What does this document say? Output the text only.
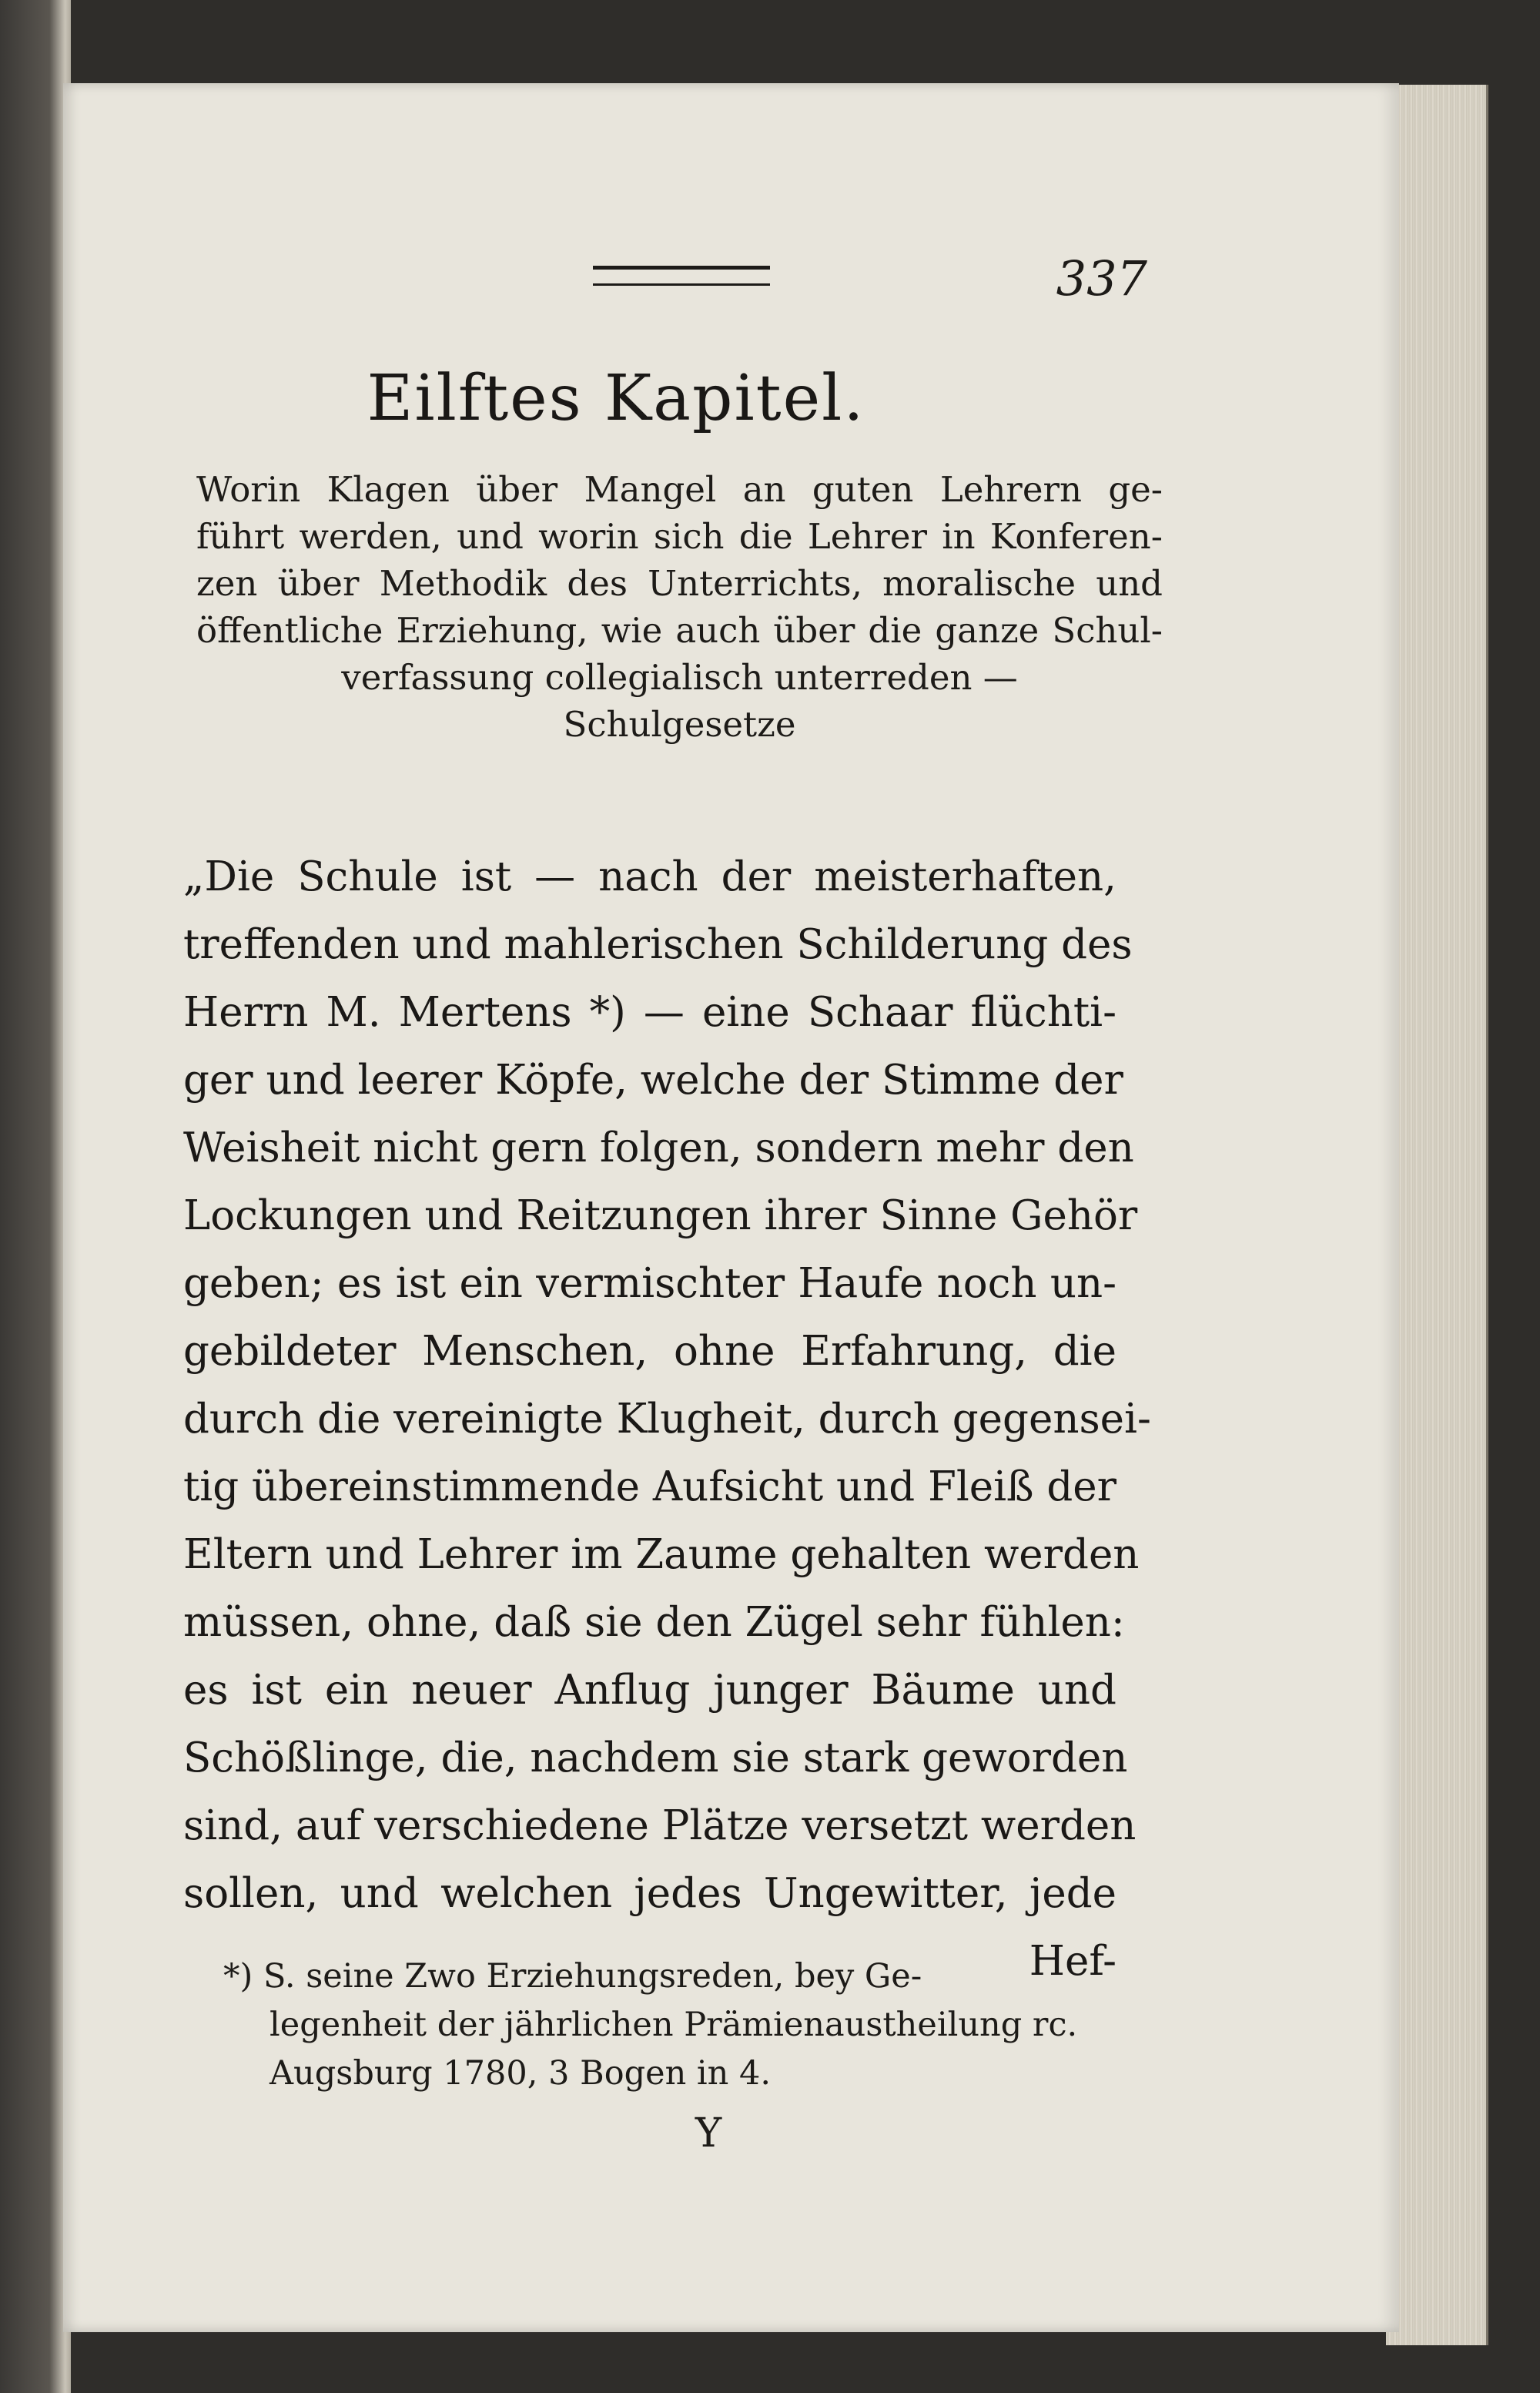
337
Eilftes Kapitel.
Worin Klagen über Mangel an guten Lehrern ge-
führt werden, und worin sich die Lehrer in Konferen-
zen über Methodik des Unterrichts, moralische und
öffentliche Erziehung, wie auch über die ganze Schul-
verfassung collegialisch unterreden —
Schulgesetze
„Die Schule ist — nach der meisterhaften,
treffenden und mahlerischen Schilderung des
Herrn M. Mertens *) — eine Schaar flüchti-
ger und leerer Köpfe, welche der Stimme der
Weisheit nicht gern folgen, sondern mehr den
Lockungen und Reitzungen ihrer Sinne Gehör
geben; es ist ein vermischter Haufe noch un-
gebildeter Menschen, ohne Erfahrung, die
durch die vereinigte Klugheit, durch gegensei-
tig übereinstimmende Aufsicht und Fleiß der
Eltern und Lehrer im Zaume gehalten werden
müssen, ohne, daß sie den Zügel sehr fühlen:
es ist ein neuer Anflug junger Bäume und
Schößlinge, die, nachdem sie stark geworden
sind, auf verschiedene Plätze versetzt werden
sollen, und welchen jedes Ungewitter, jede
Hef-
*) S. seine Zwo Erziehungsreden, bey Ge-
legenheit der jährlichen Prämienaustheilung rc.
Augsburg 1780, 3 Bogen in 4.
Y
